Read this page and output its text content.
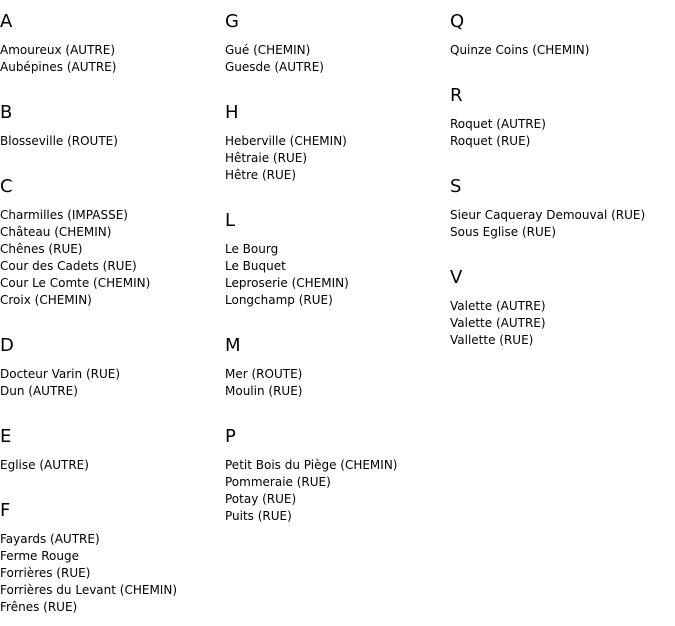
A
Amoureux (AUTRE)
Aubépines (AUTRE)
B
Blosseville (ROUTE)
C
Charmilles (IMPASSE)
Château (CHEMIN)
Chênes (RUE)
Cour des Cadets (RUE)
Cour Le Comte (CHEMIN)
Croix (CHEMIN)
D
Docteur Varin (RUE)
Dun (AUTRE)
E
Eglise (AUTRE)
F
Fayards (AUTRE)
Ferme Rouge
Forrières (RUE)
Forrières du Levant (CHEMIN)
Frênes (RUE)
G
Gué (CHEMIN)
Guesde (AUTRE)
H
Heberville (CHEMIN)
Hêtraie (RUE)
Hêtre (RUE)
L
Le Bourg
Le Buquet
Leproserie (CHEMIN)
Longchamp (RUE)
M
Mer (ROUTE)
Moulin (RUE)
P
Petit Bois du Piège (CHEMIN)
Pommeraie (RUE)
Potay (RUE)
Puits (RUE)
Q
Quinze Coins (CHEMIN)
R
Roquet (AUTRE)
Roquet (RUE)
S
Sieur Caqueray Demouval (RUE)
Sous Eglise (RUE)
V
Valette (AUTRE)
Valette (AUTRE)
Vallette (RUE)
